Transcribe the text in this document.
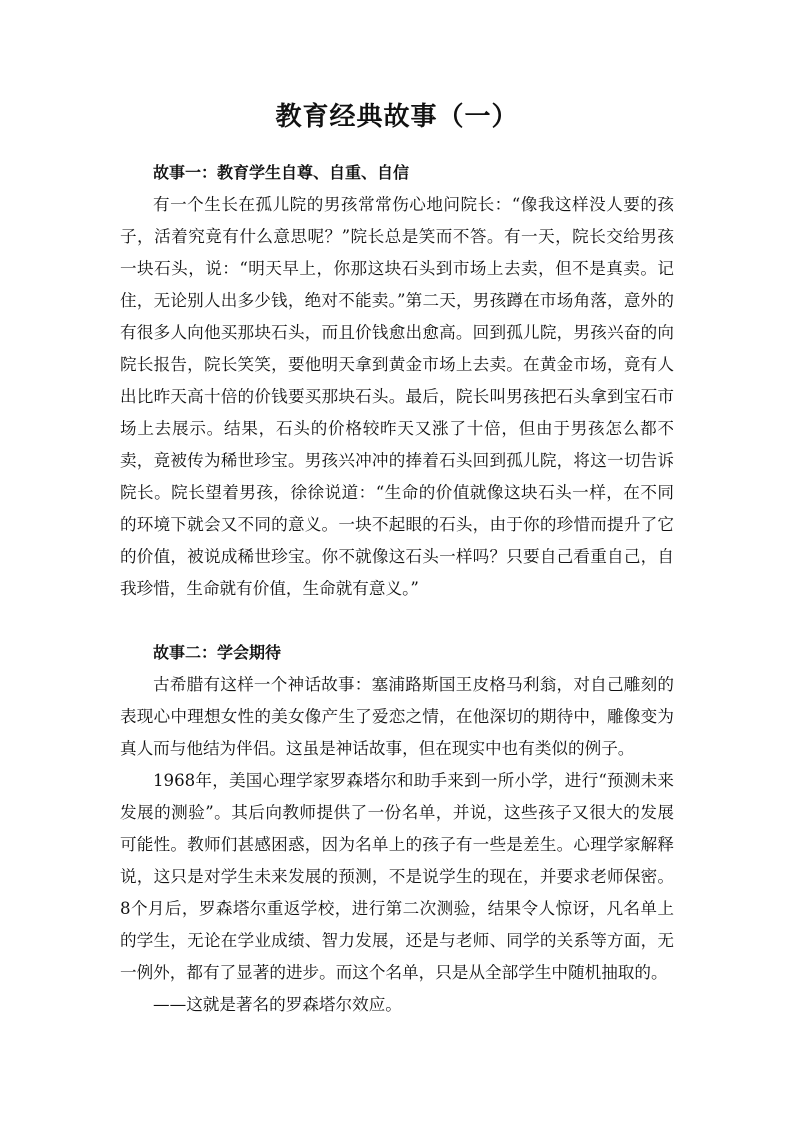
教育经典故事（一）

故事一：教育学生自尊、自重、自信

有一个生长在孤儿院的男孩常常伤心地问院长：“像我这样没人要的孩子，活着究竟有什么意思呢？”院长总是笑而不答。有一天，院长交给男孩一块石头，说：“明天早上，你那这块石头到市场上去卖，但不是真卖。记住，无论别人出多少钱，绝对不能卖。”第二天，男孩蹲在市场角落，意外的有很多人向他买那块石头，而且价钱愈出愈高。回到孤儿院，男孩兴奋的向院长报告，院长笑笑，要他明天拿到黄金市场上去卖。在黄金市场，竟有人出比昨天高十倍的价钱要买那块石头。最后，院长叫男孩把石头拿到宝石市场上去展示。结果，石头的价格较昨天又涨了十倍，但由于男孩怎么都不卖，竟被传为稀世珍宝。男孩兴冲冲的捧着石头回到孤儿院，将这一切告诉院长。院长望着男孩，徐徐说道：“生命的价值就像这块石头一样，在不同的环境下就会又不同的意义。一块不起眼的石头，由于你的珍惜而提升了它的价值，被说成稀世珍宝。你不就像这石头一样吗？只要自己看重自己，自我珍惜，生命就有价值，生命就有意义。”

故事二：学会期待

古希腊有这样一个神话故事：塞浦路斯国王皮格马利翁，对自己雕刻的表现心中理想女性的美女像产生了爱恋之情，在他深切的期待中，雕像变为真人而与他结为伴侣。这虽是神话故事，但在现实中也有类似的例子。

1968年，美国心理学家罗森塔尔和助手来到一所小学，进行“预测未来发展的测验”。其后向教师提供了一份名单，并说，这些孩子又很大的发展可能性。教师们甚感困惑，因为名单上的孩子有一些是差生。心理学家解释说，这只是对学生未来发展的预测，不是说学生的现在，并要求老师保密。8个月后，罗森塔尔重返学校，进行第二次测验，结果令人惊讶，凡名单上的学生，无论在学业成绩、智力发展，还是与老师、同学的关系等方面，无一例外，都有了显著的进步。而这个名单，只是从全部学生中随机抽取的。

——这就是著名的罗森塔尔效应。
